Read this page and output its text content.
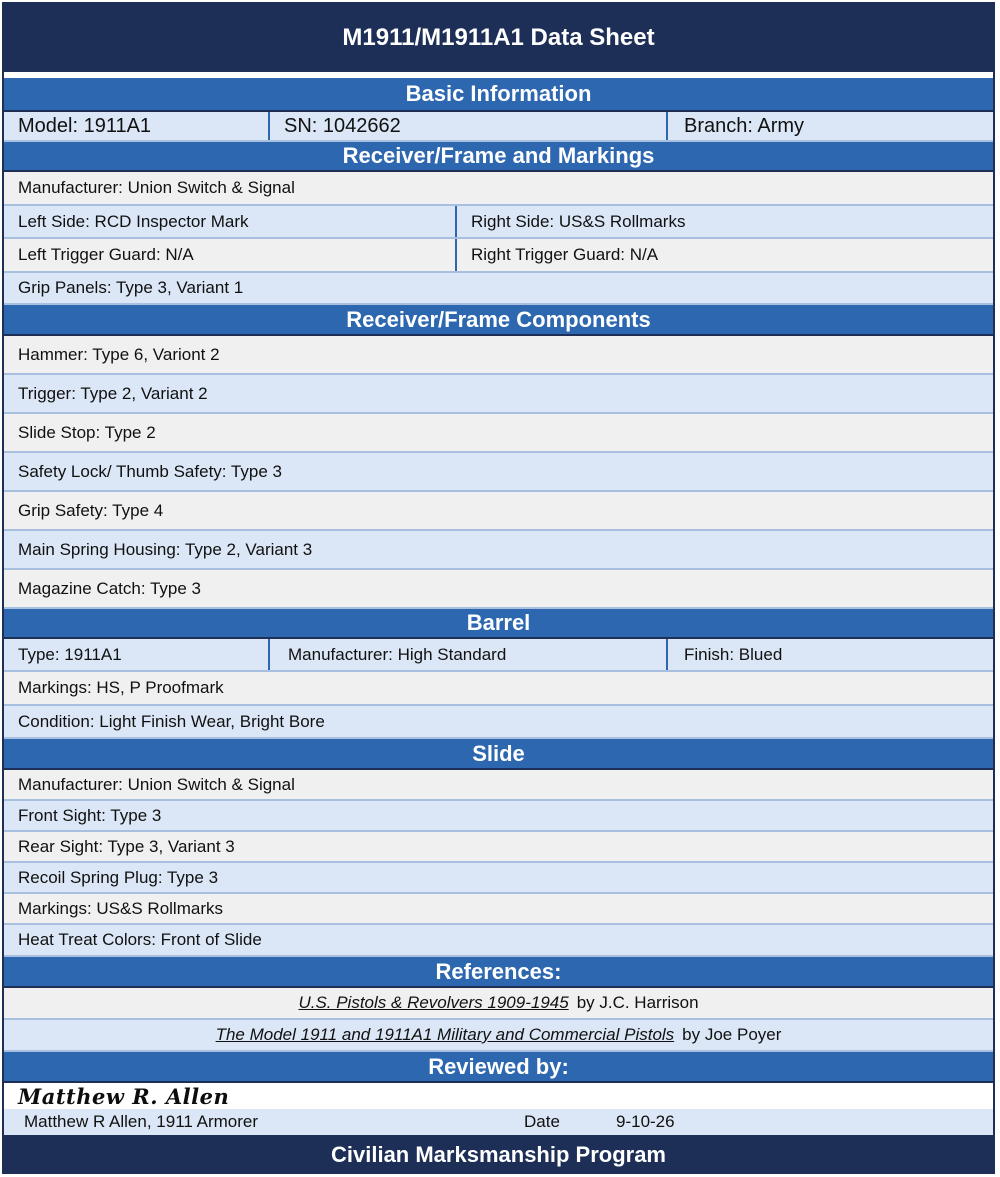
M1911/M1911A1 Data Sheet
Basic Information
Model: 1911A1	SN: 1042662	Branch: Army
Receiver/Frame and Markings
Manufacturer: Union Switch & Signal
Left Side: RCD Inspector Mark	Right Side: US&S Rollmarks
Left Trigger Guard: N/A	Right Trigger Guard: N/A
Grip Panels: Type 3, Variant 1
Receiver/Frame Components
Hammer: Type 6, Variont 2
Trigger: Type 2, Variant 2
Slide Stop: Type 2
Safety Lock/ Thumb Safety: Type 3
Grip Safety: Type 4
Main Spring Housing: Type 2, Variant 3
Magazine Catch: Type 3
Barrel
Type: 1911A1	Manufacturer: High Standard	Finish: Blued
Markings: HS, P Proofmark
Condition: Light Finish Wear, Bright Bore
Slide
Manufacturer: Union Switch & Signal
Front Sight: Type 3
Rear Sight: Type 3, Variant 3
Recoil Spring Plug: Type 3
Markings: US&S Rollmarks
Heat Treat Colors: Front of Slide
References:
U.S. Pistols & Revolvers 1909-1945 by J.C. Harrison
The Model 1911 and 1911A1 Military and Commercial Pistols by Joe Poyer
Reviewed by:
Matthew R. Allen
Matthew R Allen, 1911 Armorer	Date	9-10-26
Civilian Marksmanship Program
